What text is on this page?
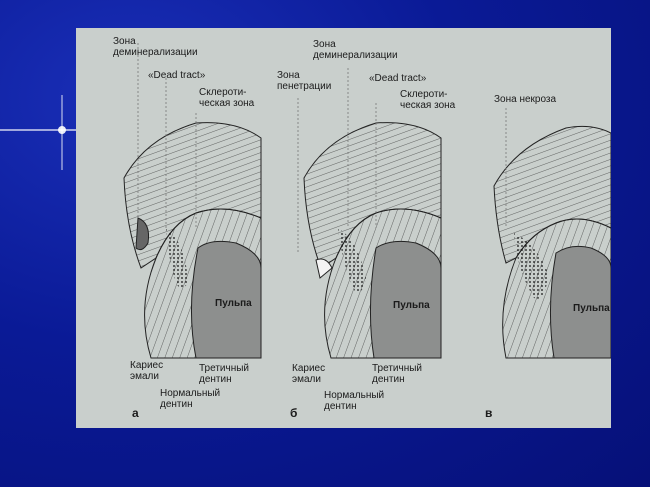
Зона
деминерализации
«Dead tract»
Склероти-
ческая зона
Пульпа
Кариес
эмали
Третичный
дентин
Нормальный
дентин
а
Зона
деминерализации
Зона
пенетрации
«Dead tract»
Склероти-
ческая зона
Пульпа
Кариес
эмали
Третичный
дентин
Нормальный
дентин
б
Зона некроза
Пульпа
в
